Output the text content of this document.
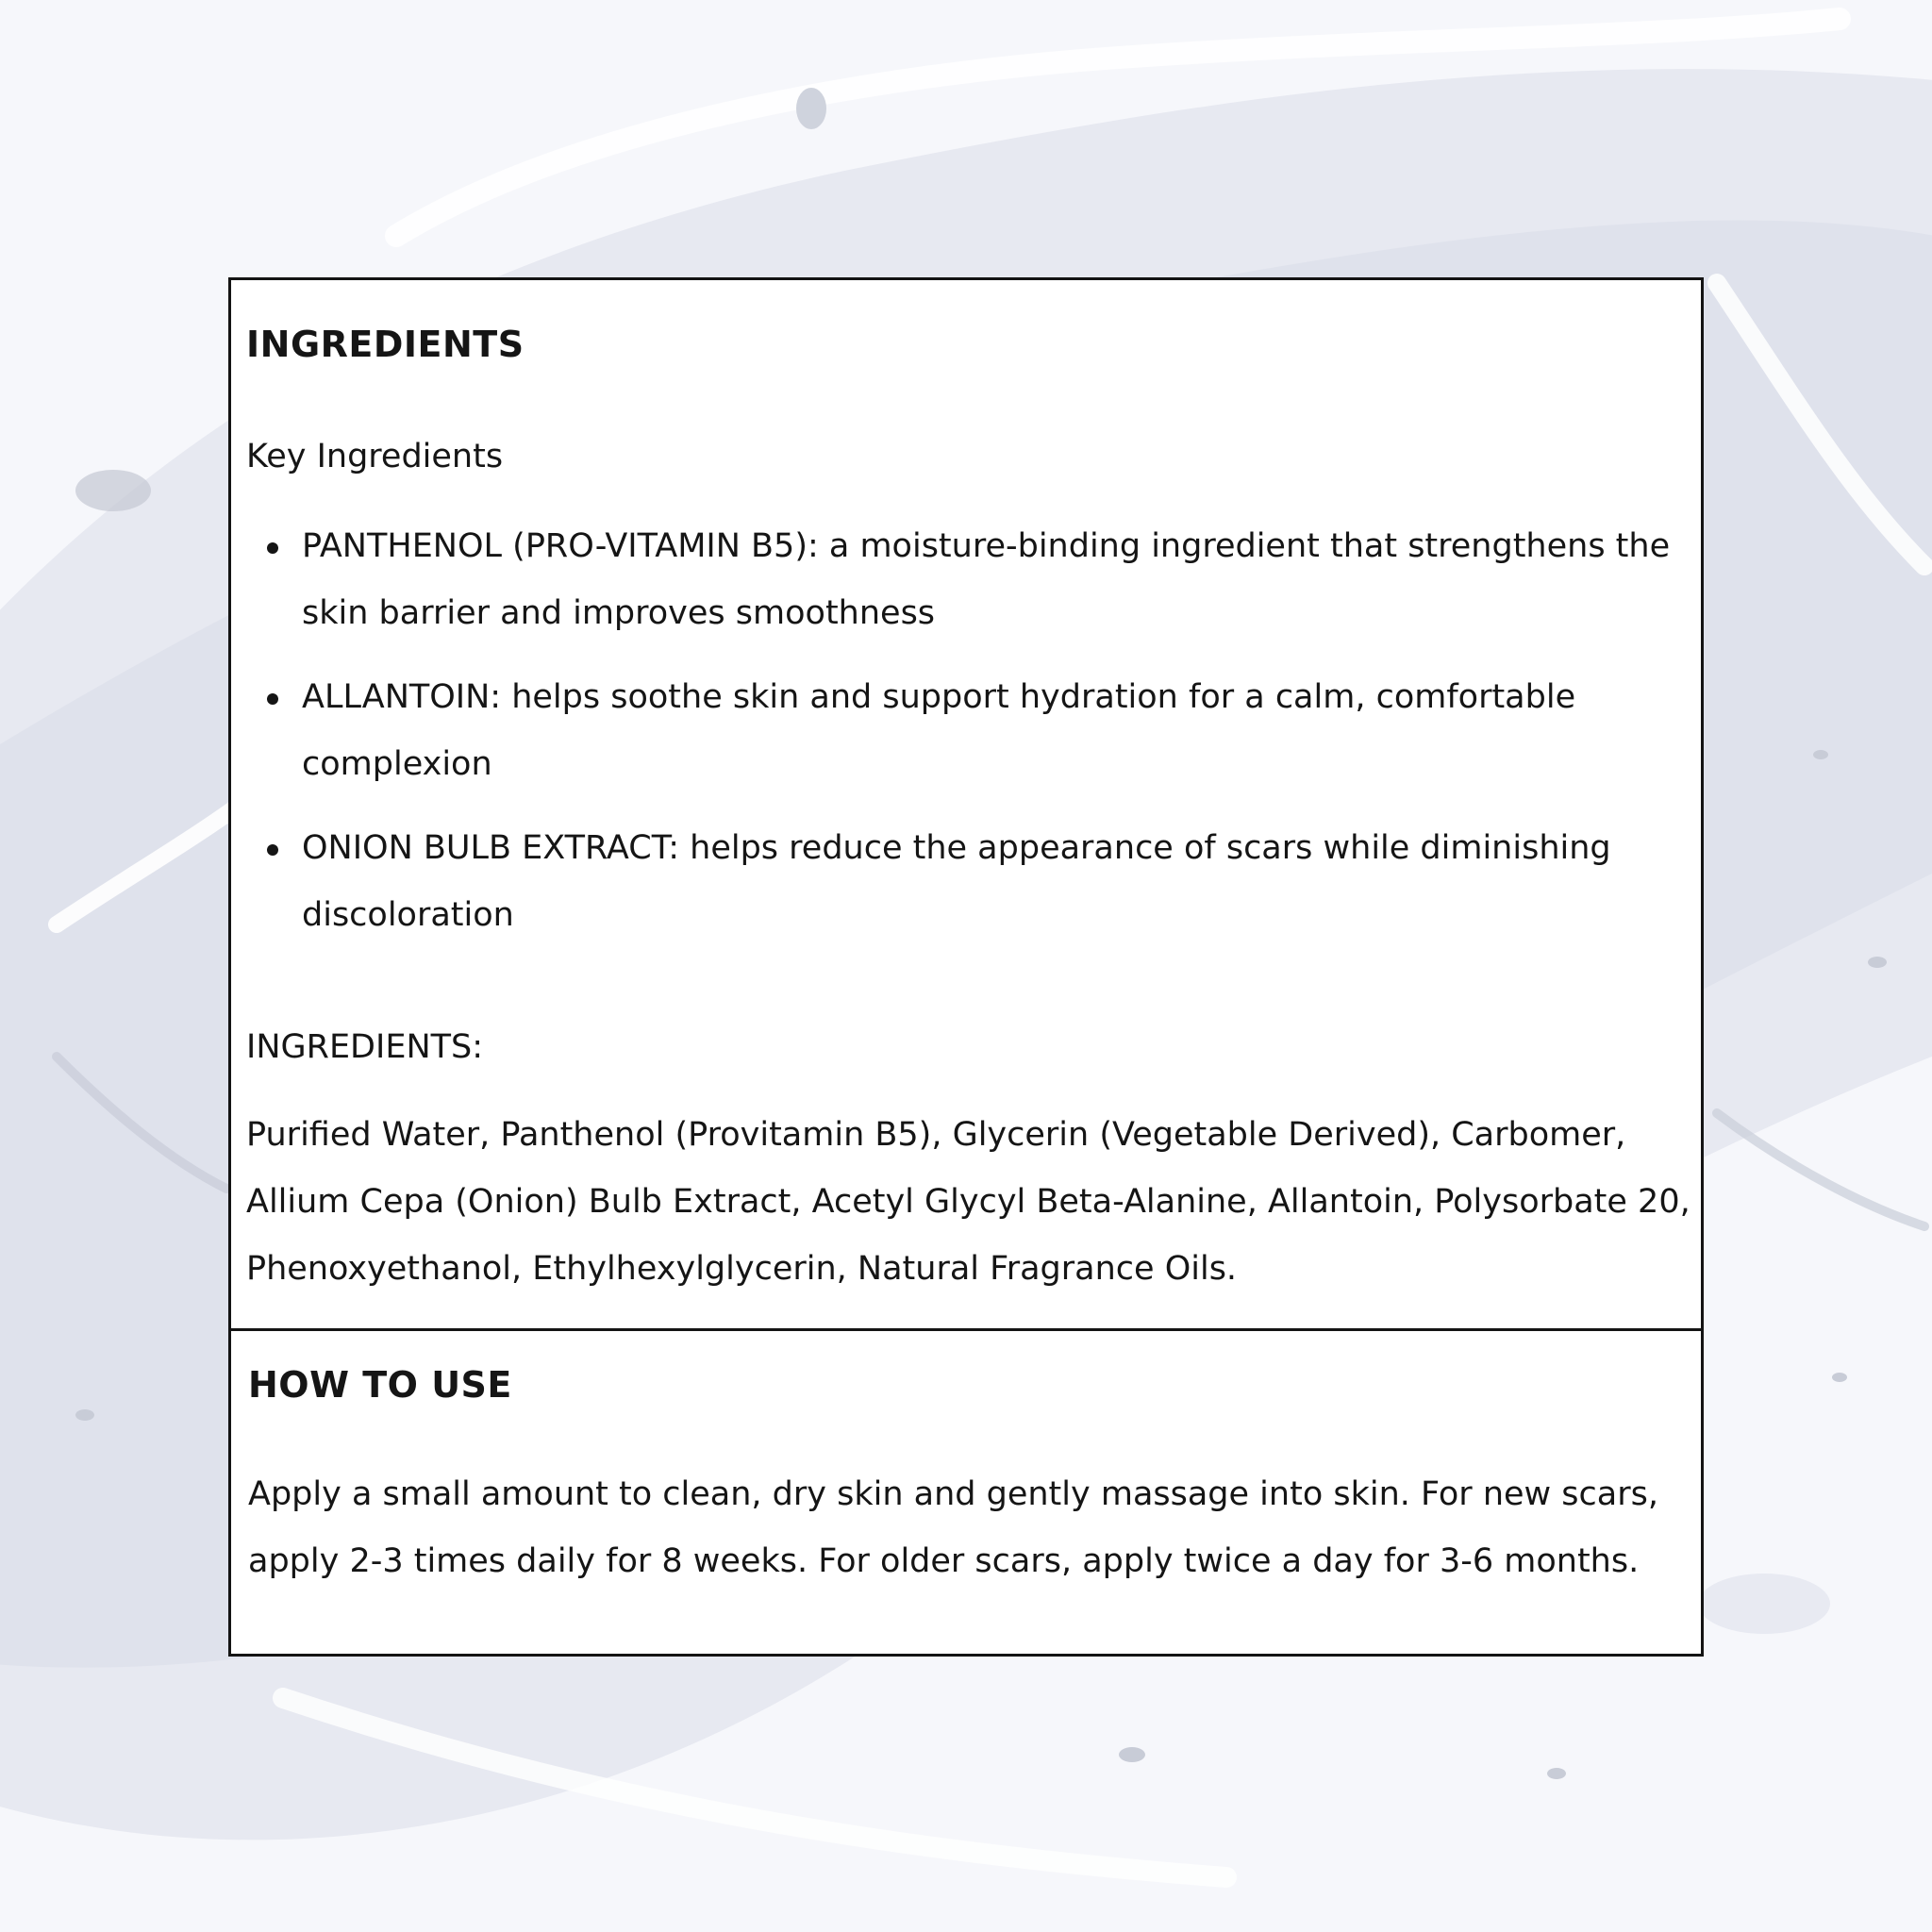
INGREDIENTS

Key Ingredients

PANTHENOL (PRO-VITAMIN B5): a moisture-binding ingredient that strengthens the skin barrier and improves smoothness
ALLANTOIN: helps soothe skin and support hydration for a calm, comfortable complexion
ONION BULB EXTRACT: helps reduce the appearance of scars while diminishing discoloration

INGREDIENTS:

Purified Water, Panthenol (Provitamin B5), Glycerin (Vegetable Derived), Carbomer, Allium Cepa (Onion) Bulb Extract, Acetyl Glycyl Beta-Alanine, Allantoin, Polysorbate 20, Phenoxyethanol, Ethylhexylglycerin, Natural Fragrance Oils.

HOW TO USE

Apply a small amount to clean, dry skin and gently massage into skin. For new scars, apply 2-3 times daily for 8 weeks. For older scars, apply twice a day for 3-6 months.
